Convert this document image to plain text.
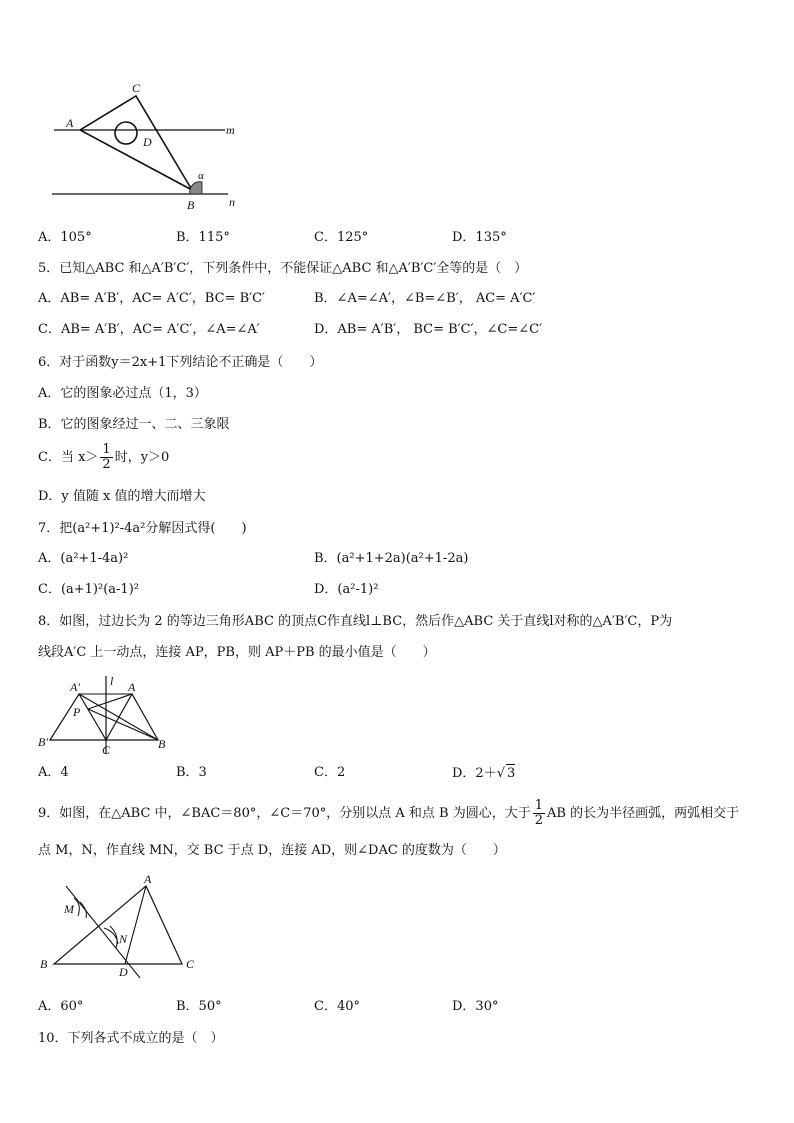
A
C
D
m
n
B
α
A．105°	B．115°	C．125°	D．135°
5．已知△ABC 和△A′B′C′，下列条件中，不能保证△ABC 和△A′B′C′全等的是（　）
A．AB= A′B′，AC= A′C′，BC= B′C′	B．∠A=∠A′，∠B=∠B′， AC= A′C′
C．AB= A′B′，AC= A′C′，∠A=∠A′	D．AB= A′B′， BC= B′C′，∠C=∠C′
6．对于函数y＝2x+1下列结论不正确是（　　）
A．它的图象必过点（1，3）
B．它的图象经过一、二、三象限
C．当 $x> \frac{1}{2}$ 时，y＞0
D．y 值随 x 值的增大而增大
7．把(a²+1)²-4a²分解因式得(　　)
A．(a²+1-4a)²	B．(a²+1+2a)(a²+1-2a)
C．(a+1)²(a-1)²	D．(a²-1)²
8．如图，过边长为 2 的等边三角形ABC 的顶点C作直线l⊥BC，然后作△ABC 关于直线l对称的△A′B′C，P为
线段A′C 上一动点，连接 AP，PB，则 AP＋PB 的最小值是（　　）
A′	l A
P
B′
C	B
A．4	B．3	C．2	D．2＋√ 3
9．如图，在△ABC 中，∠BAC＝80°，∠C＝70°，分别以点 A 和点 B 为圆心，大于 $\frac{1}{2}$ AB 的长为半径画弧，两弧相交于
点 M，N，作直线 MN，交 BC 于点 D，连接 AD，则∠DAC 的度数为（　　）
A
M
N
B
D
C
A．60°	B．50°	C．40°	D．30°
10．下列各式不成立的是（　）
